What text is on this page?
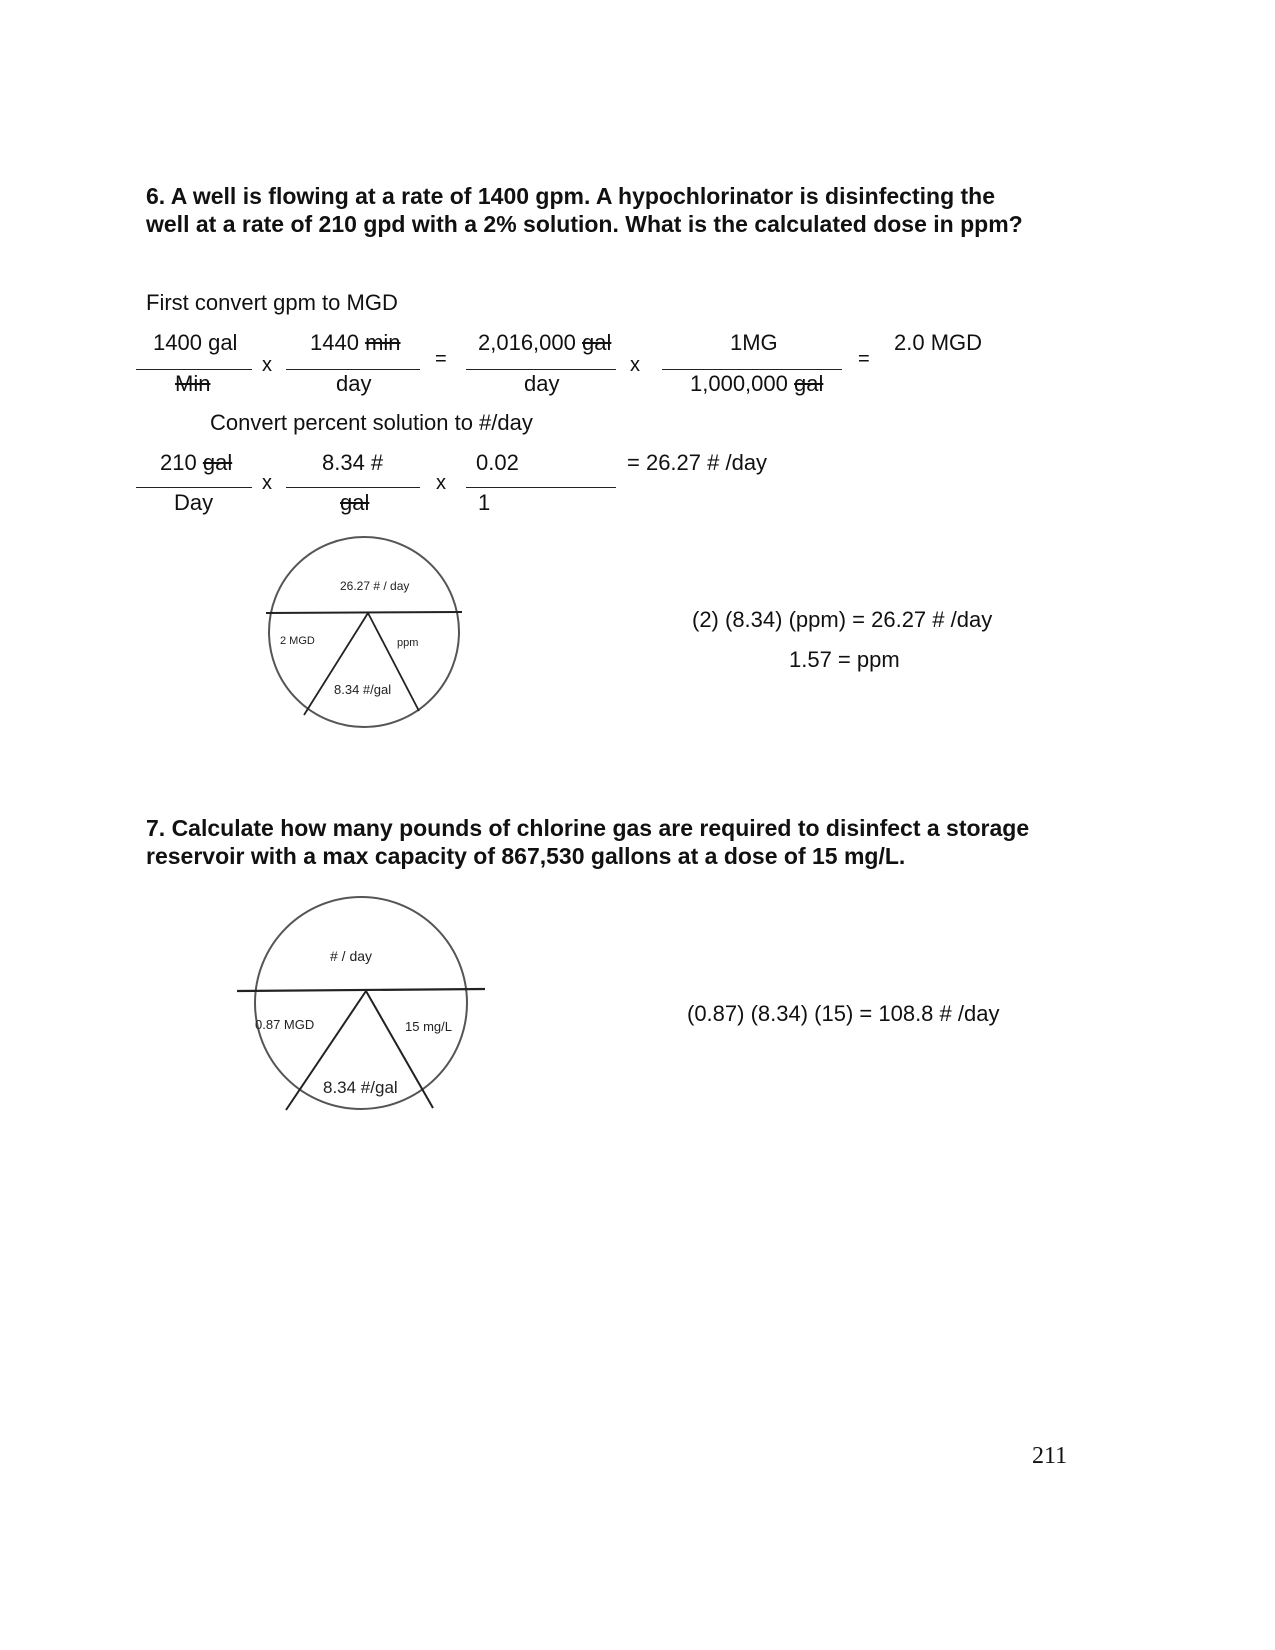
6. A well is flowing at a rate of 1400 gpm. A hypochlorinator is disinfecting the
well at a rate of 210 gpd with a 2% solution. What is the calculated dose in ppm?
First convert gpm to MGD
1400 gal
Min
x
1440 min
day
=
2,016,000 gal
day
x
1MG
1,000,000 gal
=
2.0 MGD
Convert percent solution to #/day
210 gal
Day
x
8.34 #
gal
x
0.02
1
= 26.27 # /day
26.27 # / day
2 MGD	ppm
8.34 #/gal
(2) (8.34) (ppm) = 26.27 # /day
1.57 = ppm
7. Calculate how many pounds of chlorine gas are required to disinfect a storage
reservoir with a max capacity of 867,530 gallons at a dose of 15 mg/L.
# / day
0.87 MGD	15 mg/L
8.34 #/gal
(0.87) (8.34) (15) = 108.8 # /day
211
